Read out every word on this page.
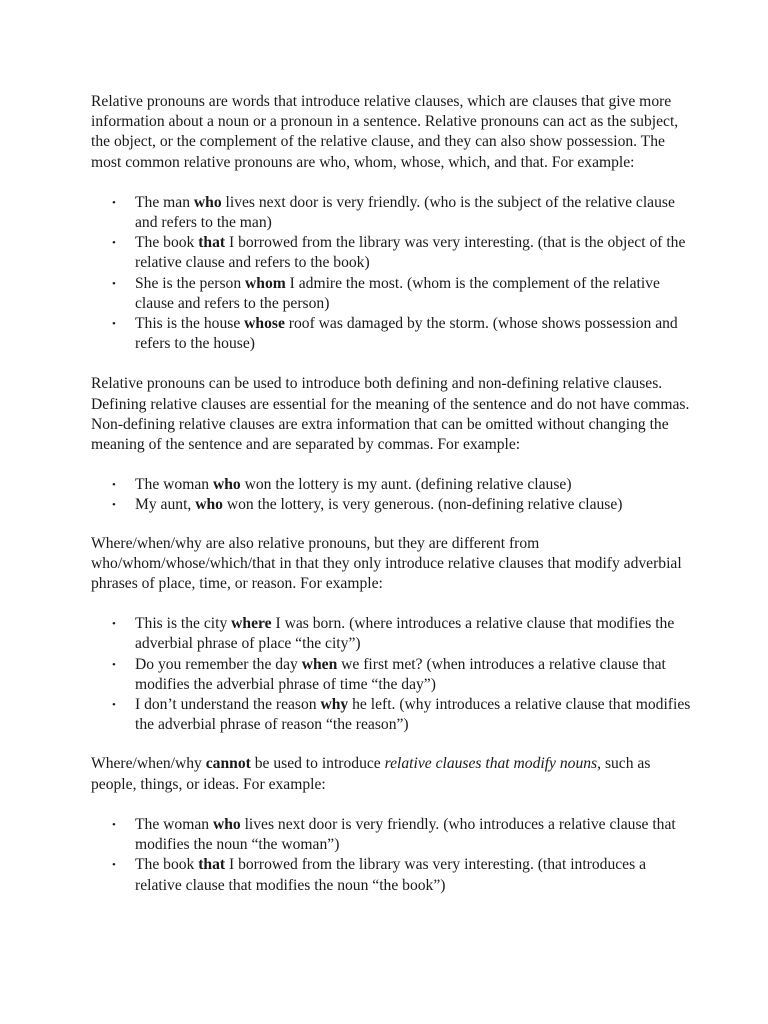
Relative pronouns are words that introduce relative clauses, which are clauses that give more information about a noun or a pronoun in a sentence. Relative pronouns can act as the subject, the object, or the complement of the relative clause, and they can also show possession. The most common relative pronouns are who, whom, whose, which, and that. For example:

• The man who lives next door is very friendly. (who is the subject of the relative clause and refers to the man)
• The book that I borrowed from the library was very interesting. (that is the object of the relative clause and refers to the book)
• She is the person whom I admire the most. (whom is the complement of the relative clause and refers to the person)
• This is the house whose roof was damaged by the storm. (whose shows possession and refers to the house)

Relative pronouns can be used to introduce both defining and non-defining relative clauses. Defining relative clauses are essential for the meaning of the sentence and do not have commas. Non-defining relative clauses are extra information that can be omitted without changing the meaning of the sentence and are separated by commas. For example:

• The woman who won the lottery is my aunt. (defining relative clause)
• My aunt, who won the lottery, is very generous. (non-defining relative clause)

Where/when/why are also relative pronouns, but they are different from who/whom/whose/which/that in that they only introduce relative clauses that modify adverbial phrases of place, time, or reason. For example:

• This is the city where I was born. (where introduces a relative clause that modifies the adverbial phrase of place “the city”)
• Do you remember the day when we first met? (when introduces a relative clause that modifies the adverbial phrase of time “the day”)
• I don’t understand the reason why he left. (why introduces a relative clause that modifies the adverbial phrase of reason “the reason”)

Where/when/why cannot be used to introduce relative clauses that modify nouns, such as people, things, or ideas. For example:

• The woman who lives next door is very friendly. (who introduces a relative clause that modifies the noun “the woman”)
• The book that I borrowed from the library was very interesting. (that introduces a relative clause that modifies the noun “the book”)
